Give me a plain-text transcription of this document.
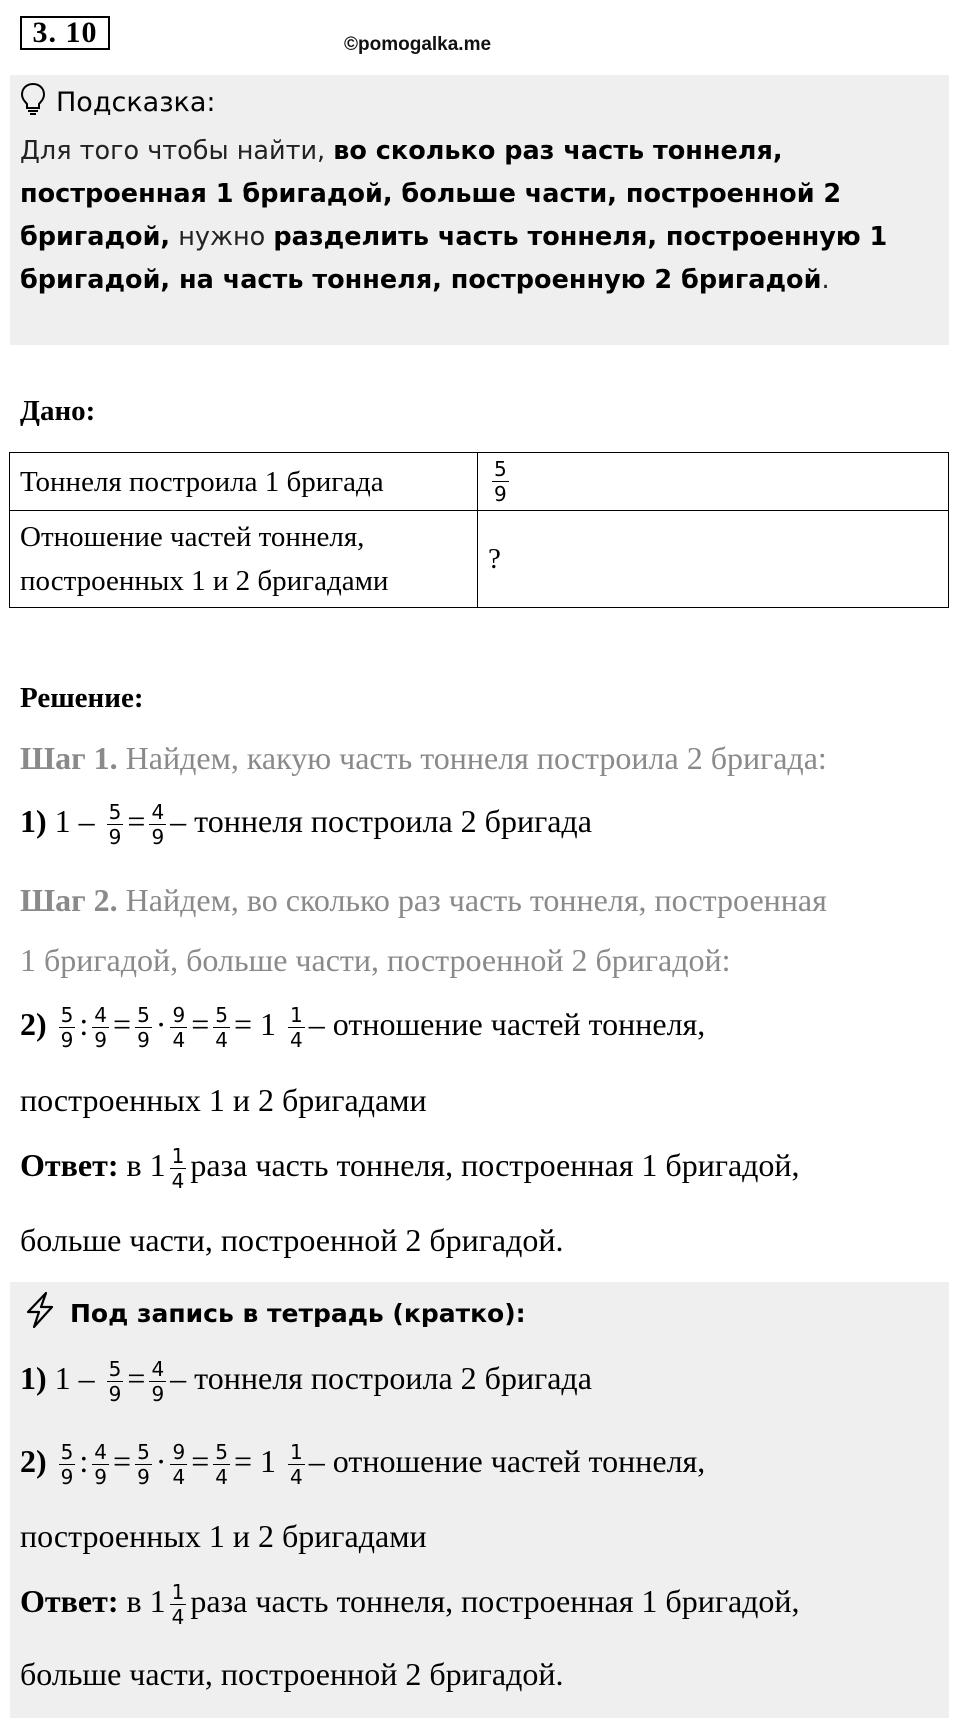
3. 10	©pomogalka.me
Подсказка:
Для того чтобы найти, во сколько раз часть тоннеля, построенная 1 бригадой, больше части, построенной 2 бригадой, нужно разделить часть тоннеля, построенную 1 бригадой, на часть тоннеля, построенную 2 бригадой.
Дано:
Тоннеля построила 1 бригада	$\frac{5}{9}$

Отношение частей тоннеля,
построенных 1 и 2 бригадами	?
Решение:
Шаг 1. Найдем, какую часть тоннеля построила 2 бригада:
1) $1 - \frac{5}{9} = \frac{4}{9}$ – тоннеля построила 2 бригада
Шаг 2. Найдем, во сколько раз часть тоннеля, построенная
1 бригадой, больше части, построенной 2 бригадой:
$2) \frac{5}{9}$ : $\frac{4}{9} = \frac{5}{9} \cdot \frac{9}{4} = \frac{5}{4} = 1 \frac{1}{4}$ – отношение частей тоннеля,
построенных 1 и 2 бригадами
Ответ: в $1 \frac{1}{4}$ раза часть тоннеля, построенная 1 бригадой,
больше части, построенной 2 бригадой.
Под запись в тетрадь (кратко):
1) $1 - \frac{5}{9} = \frac{4}{9}$ – тоннеля построила 2 бригада
$2) \frac{5}{9}$ : $\frac{4}{9} = \frac{5}{9} \cdot \frac{9}{4} = \frac{5}{4} = 1 \frac{1}{4}$ – отношение частей тоннеля,
построенных 1 и 2 бригадами
Ответ: в $1 \frac{1}{4}$ раза часть тоннеля, построенная 1 бригадой,
больше части, построенной 2 бригадой.
